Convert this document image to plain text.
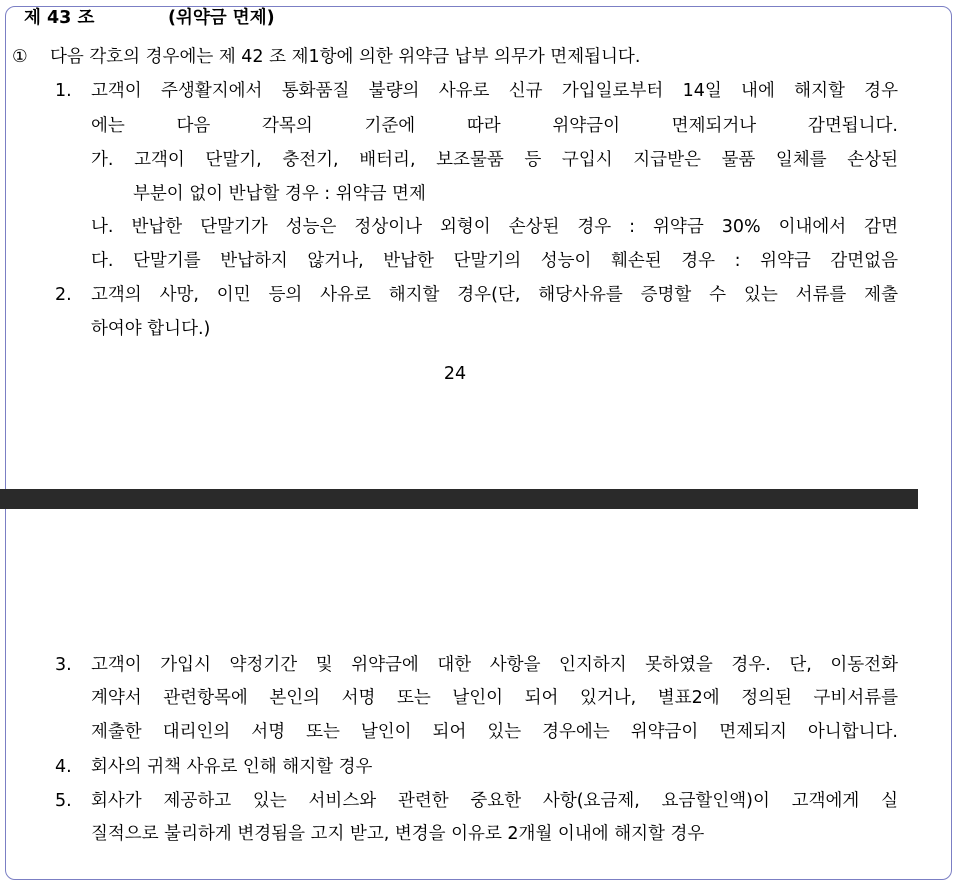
제 43 조	(위약금 면제)
① 다음 각호의 경우에는 제 42 조 제1항에 의한 위약금 납부 의무가 면제됩니다.
1. 고객이 주생활지에서 통화품질 불량의 사유로 신규 가입일로부터 14일 내에 해지할 경우
에는 다음 각목의 기준에 따라 위약금이 면제되거나 감면됩니다.
가. 고객이 단말기, 충전기, 배터리, 보조물품 등 구입시 지급받은 물품 일체를 손상된
부분이 없이 반납할 경우 : 위약금 면제
나. 반납한 단말기가 성능은 정상이나 외형이 손상된 경우 : 위약금 30% 이내에서 감면
다. 단말기를 반납하지 않거나, 반납한 단말기의 성능이 훼손된 경우 : 위약금 감면없음
2. 고객의 사망, 이민 등의 사유로 해지할 경우(단, 해당사유를 증명할 수 있는 서류를 제출
하여야 합니다.)
24
3. 고객이 가입시 약정기간 및 위약금에 대한 사항을 인지하지 못하였을 경우. 단, 이동전화
계약서 관련항목에 본인의 서명 또는 날인이 되어 있거나, 별표2에 정의된 구비서류를
제출한 대리인의 서명 또는 날인이 되어 있는 경우에는 위약금이 면제되지 아니합니다.
4. 회사의 귀책 사유로 인해 해지할 경우
5. 회사가 제공하고 있는 서비스와 관련한 중요한 사항(요금제, 요금할인액)이 고객에게 실
질적으로 불리하게 변경됨을 고지 받고, 변경을 이유로 2개월 이내에 해지할 경우
